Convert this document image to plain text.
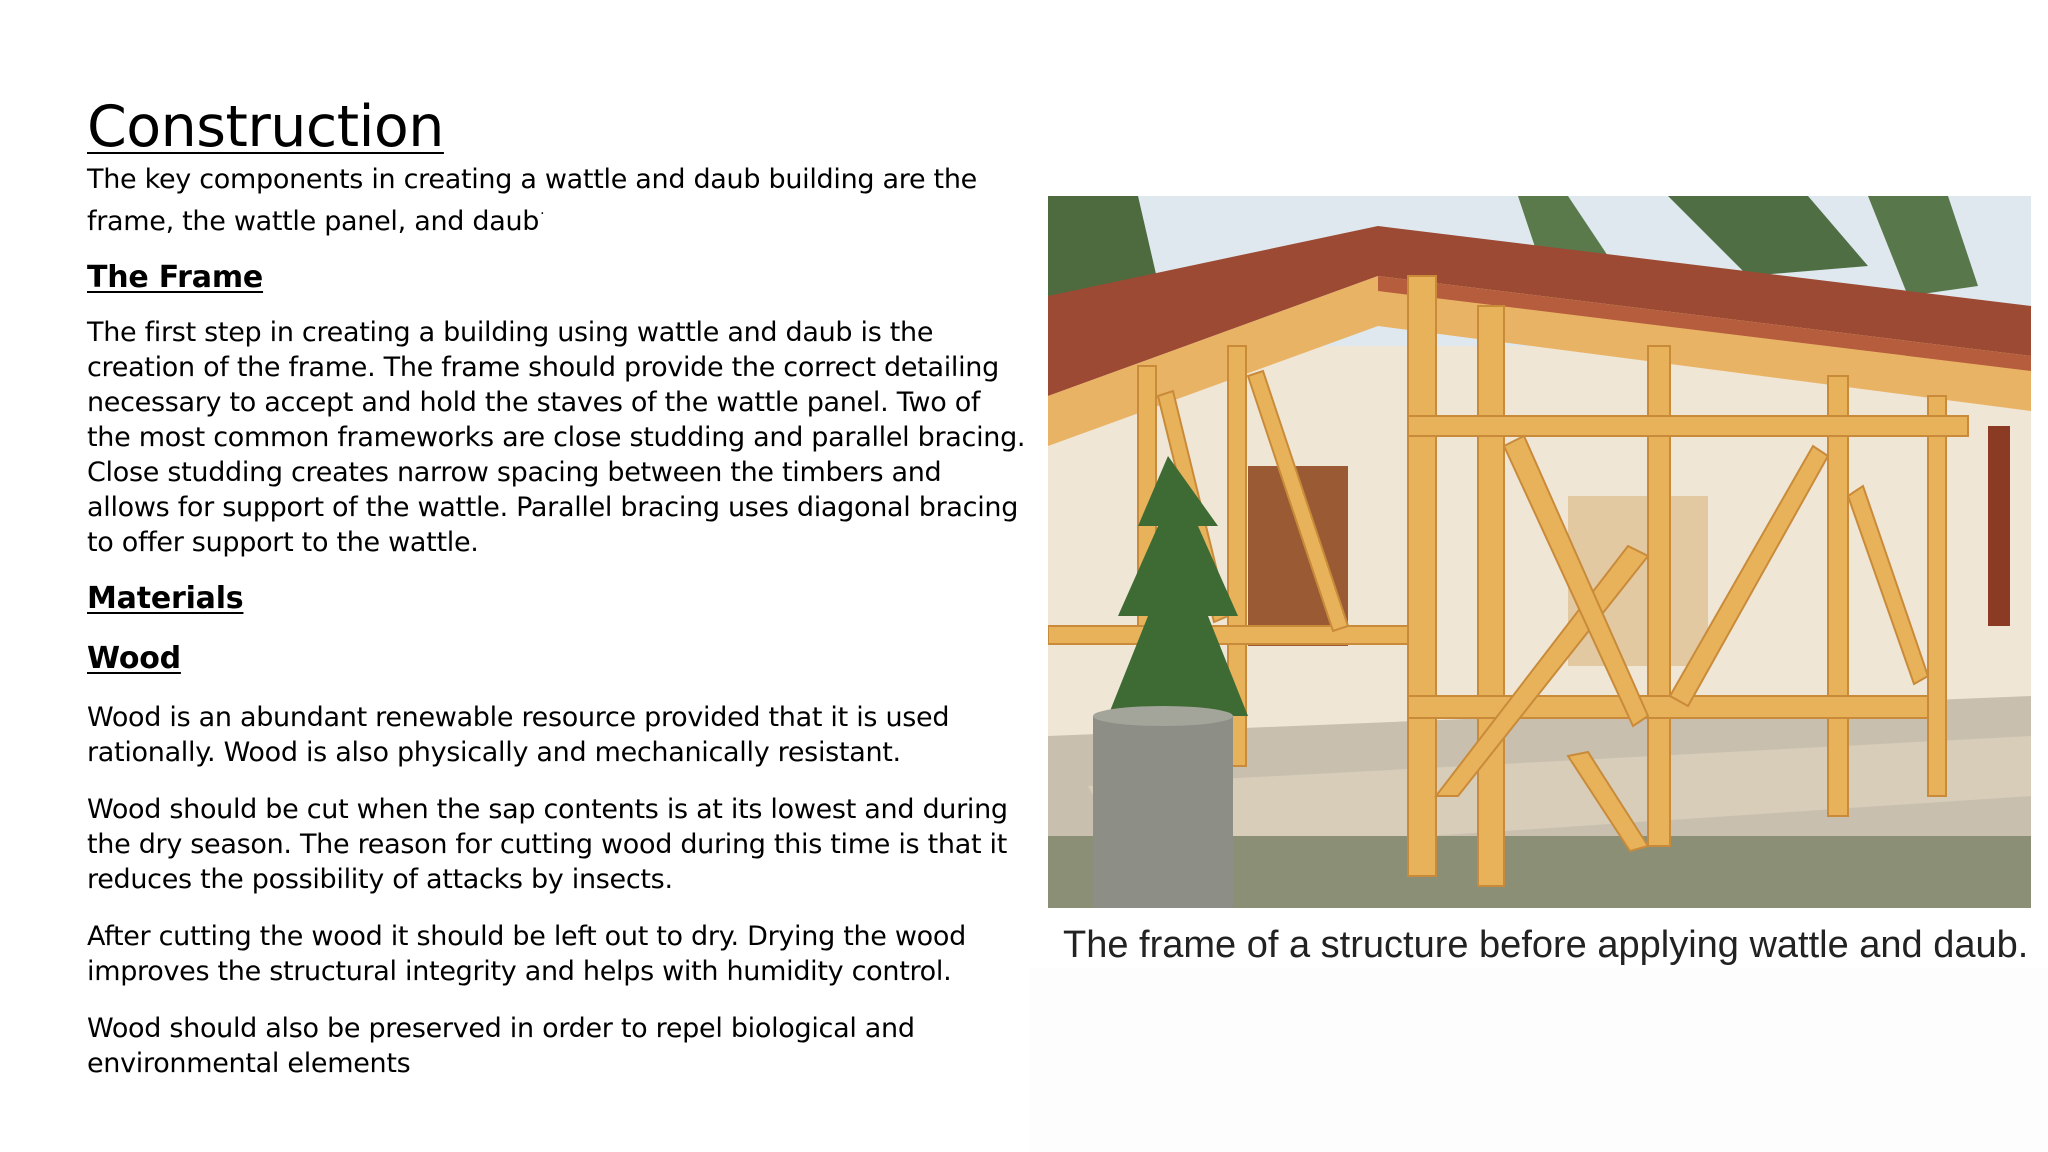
Construction

The key components in creating a wattle and daub building are the frame, the wattle panel, and daub·

The Frame

The first step in creating a building using wattle and daub is the creation of the frame. The frame should provide the correct detailing necessary to accept and hold the staves of the wattle panel. Two of the most common frameworks are close studding and parallel bracing. Close studding creates narrow spacing between the timbers and allows for support of the wattle. Parallel bracing uses diagonal bracing to offer support to the wattle.

Materials
Wood

Wood is an abundant renewable resource provided that it is used rationally. Wood is also physically and mechanically resistant.

Wood should be cut when the sap contents is at its lowest and during the dry season. The reason for cutting wood during this time is that it reduces the possibility of attacks by insects.

After cutting the wood it should be left out to dry. Drying the wood improves the structural integrity and helps with humidity control.

Wood should also be preserved in order to repel biological and environmental elements

The frame of a structure before applying wattle and daub.
